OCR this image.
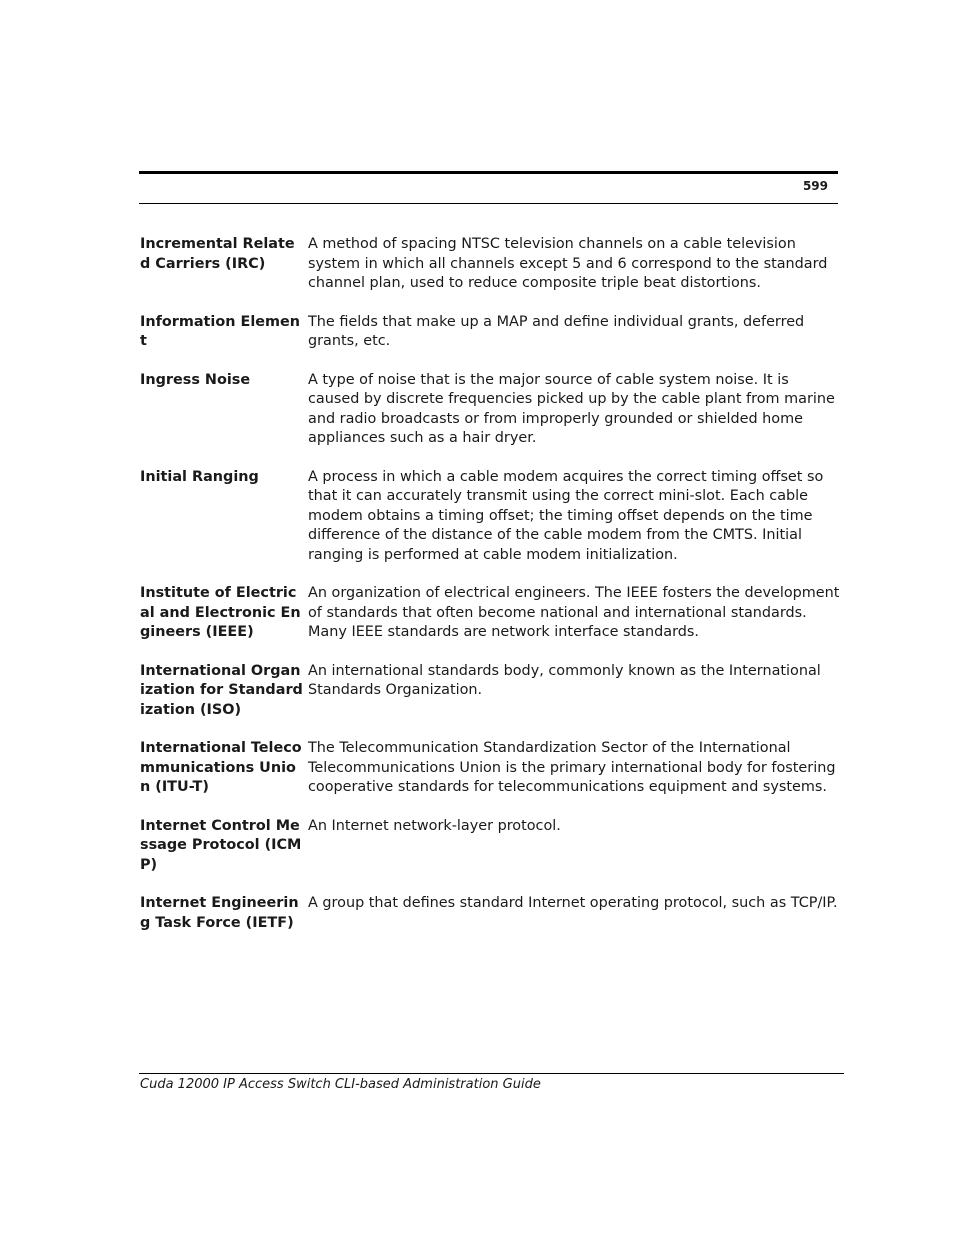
599
Incremental Related Carriers (IRC)
A method of spacing NTSC television channels on a cable television system in which all channels except 5 and 6 correspond to the standard channel plan, used to reduce composite triple beat distortions.
Information Element
The fields that make up a MAP and define individual grants, deferred grants, etc.
Ingress Noise	A type of noise that is the major source of cable system noise. It is caused by discrete frequencies picked up by the cable plant from marine and radio broadcasts or from improperly grounded or shielded home appliances such as a hair dryer.
Initial Ranging	A process in which a cable modem acquires the correct timing offset so that it can accurately transmit using the correct mini-slot. Each cable modem obtains a timing offset; the timing offset depends on the time difference of the distance of the cable modem from the CMTS. Initial ranging is performed at cable modem initialization.
Institute of Electrical and Electronic Engineers (IEEE)
An organization of electrical engineers. The IEEE fosters the development of standards that often become national and international standards. Many IEEE standards are network interface standards.
International Organization for Standardization (ISO)
An international standards body, commonly known as the International Standards Organization.
International Telecommunications Union (ITU-T)
The Telecommunication Standardization Sector of the International Telecommunications Union is the primary international body for fostering cooperative standards for telecommunications equipment and systems.
Internet Control Message Protocol (ICMP)
An Internet network-layer protocol.
Internet Engineering Task Force (IETF)
A group that defines standard Internet operating protocol, such as TCP/IP.
Cuda 12000 IP Access Switch CLI-based Administration Guide
